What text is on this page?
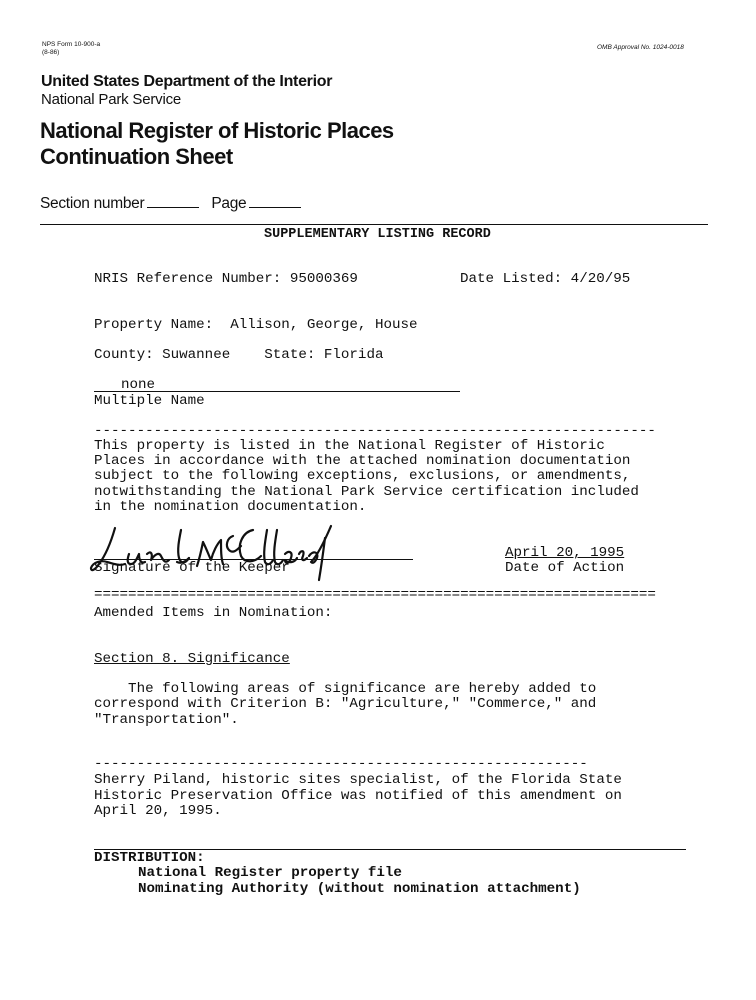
NPS Form 10-900-a
(8-86)
OMB Approval No. 1024-0018
United States Department of the Interior
National Park Service
National Register of Historic Places
Continuation Sheet
Section number	Page
SUPPLEMENTARY LISTING RECORD
NRIS Reference Number: 95000369	Date Listed: 4/20/95
Property Name:  Allison, George, House
County: Suwannee    State: Florida
none
Multiple Name
------------------------------------------------------------------
This property is listed in the National Register of Historic
Places in accordance with the attached nomination documentation
subject to the following exceptions, exclusions, or amendments,
notwithstanding the National Park Service certification included
in the nomination documentation.
Signature of the Keeper
April 20, 1995
Date of Action
==================================================================
Amended Items in Nomination:
Section 8. Significance
The following areas of significance are hereby added to
correspond with Criterion B: "Agriculture," "Commerce," and
"Transportation".
----------------------------------------------------------
Sherry Piland, historic sites specialist, of the Florida State
Historic Preservation Office was notified of this amendment on
April 20, 1995.
DISTRIBUTION:
National Register property file
Nominating Authority (without nomination attachment)
